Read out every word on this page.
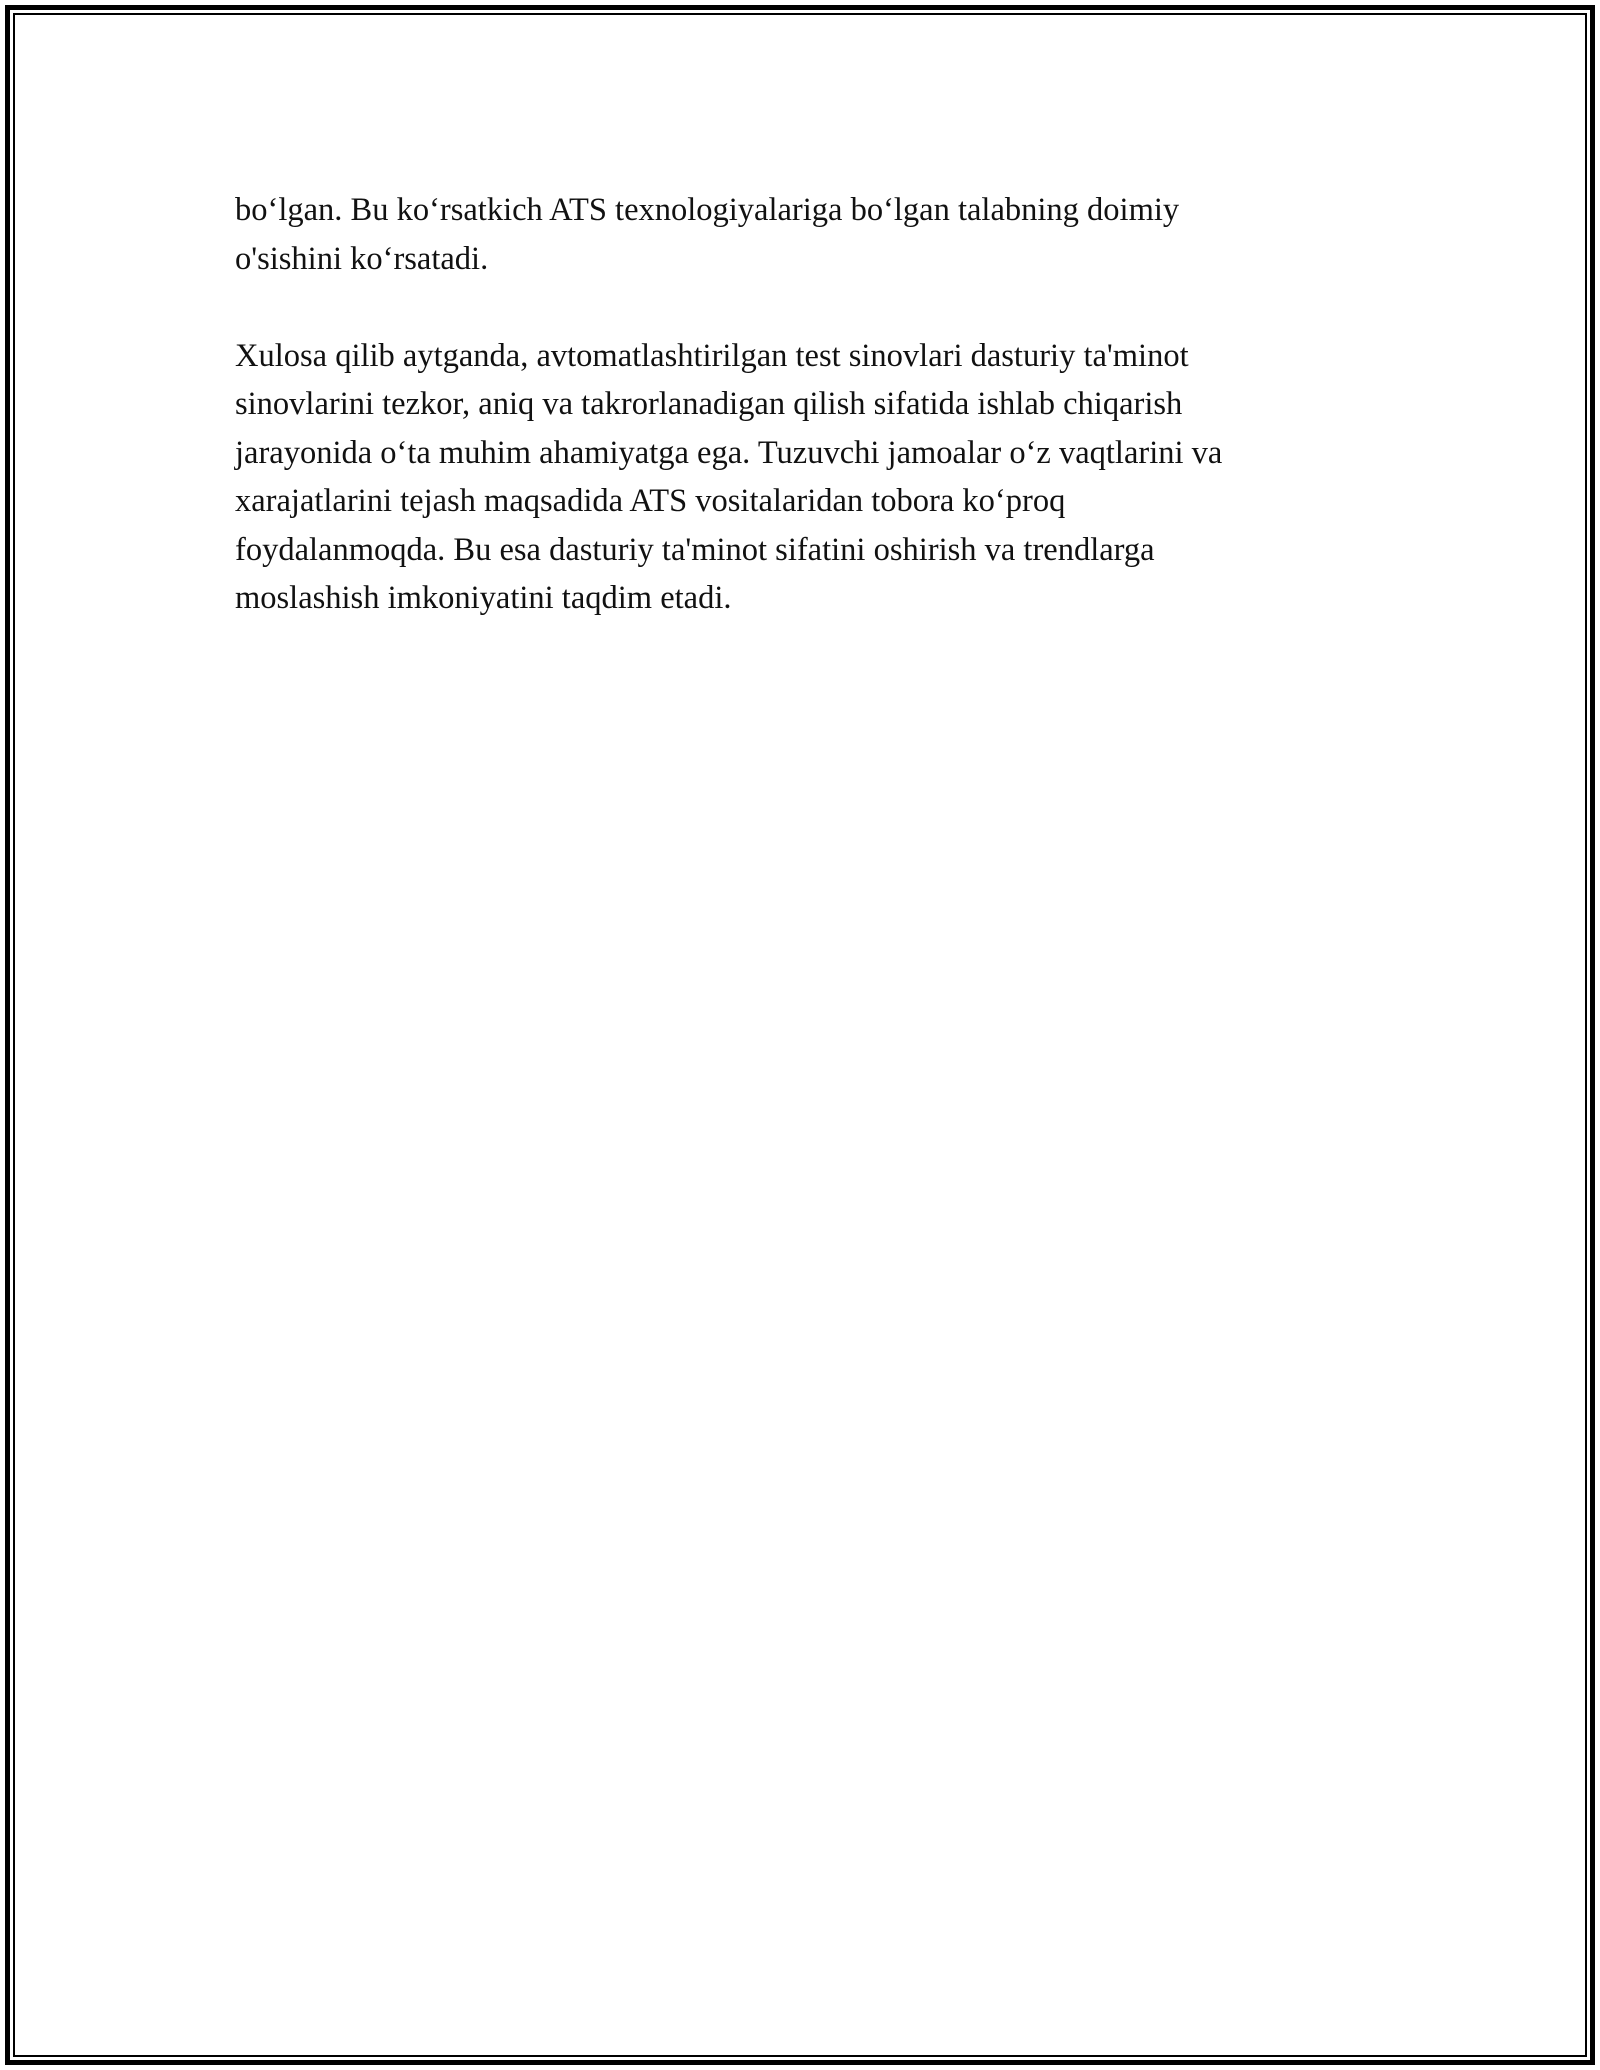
bo‘lgan. Bu ko‘rsatkich ATS texnologiyalariga bo‘lgan talabning doimiy
o'sishini ko‘rsatadi.

Xulosa qilib aytganda, avtomatlashtirilgan test sinovlari dasturiy ta'minot
sinovlarini tezkor, aniq va takrorlanadigan qilish sifatida ishlab chiqarish
jarayonida o‘ta muhim ahamiyatga ega. Tuzuvchi jamoalar o‘z vaqtlarini va
xarajatlarini tejash maqsadida ATS vositalaridan tobora ko‘proq
foydalanmoqda. Bu esa dasturiy ta'minot sifatini oshirish va trendlarga
moslashish imkoniyatini taqdim etadi.
